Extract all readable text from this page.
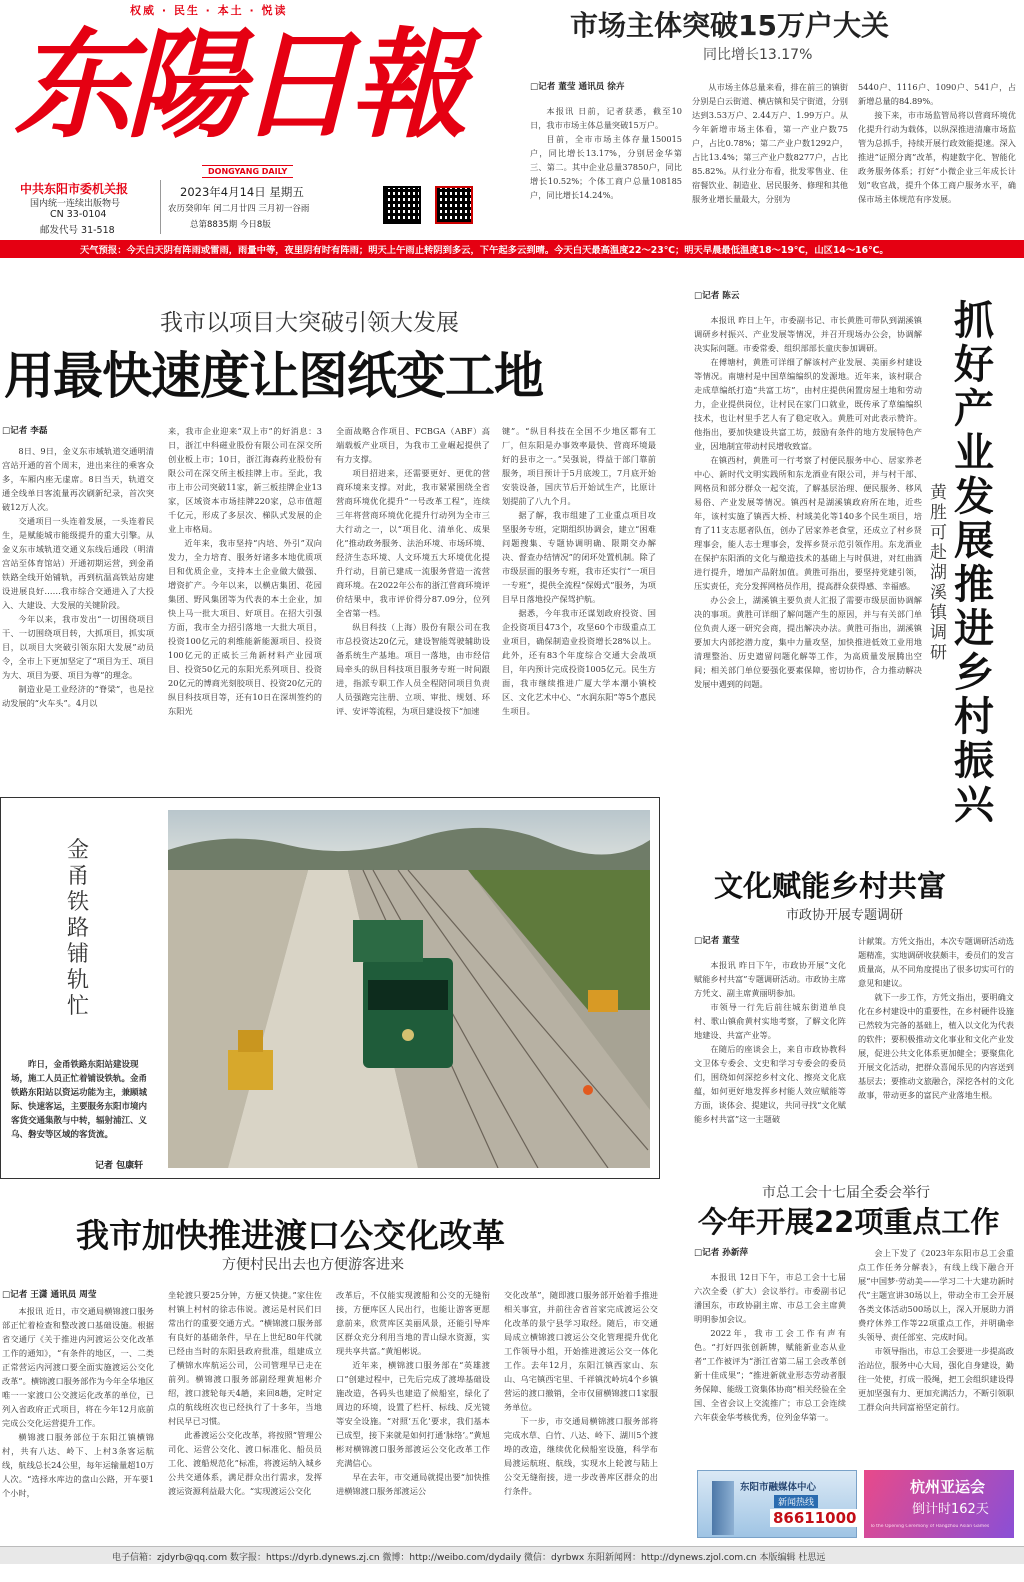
权威 · 民生 · 本土 · 悦读
东陽日報
DONGYANG DAILY
中共东阳市委机关报
国内统一连续出版物号
CN 33-0104
邮发代号 31-518
2023年4月14日 星期五
农历癸卯年 闰二月廿四 三月初一谷雨
总第8835期 今日8版
市场主体突破15万户大关
同比增长13.17%
□记者 董莹 通讯员 徐卉

本报讯 日前，记者获悉，截至10日，我市市场主体总量突破15万户。

目前，全市市场主体存量150015户，同比增长13.17%，分别居金华第三、第二。其中企业总量37850户，同比增长10.52%；个体工商户总量108185户，同比增长14.24%。

从市场主体总量来看，排在前三的镇街分别是白云街道、横店镇和吴宁街道，分别达到3.53万户、2.44万户、1.99万户。从今年新增市场主体看，第一产业户数75户，占比0.78%；第二产业户数1292户，占比13.4%；第三产业户数8277户，占比85.82%。从行业分布看，批发零售业、住宿餐饮业、制造业、居民服务、修理和其他服务业增长量最大，分别为

5440户、1116户、1090户、541户，占新增总量的84.89%。

接下来，市市场监管局将以营商环境优化提升行动为载体，以纵深推进清廉市场监管为总抓手，持续开展行政效能提速。深入推进“证照分离”改革，构建数字化、智能化政务服务体系；打好“小微企业三年成长计划”收官战，提升个体工商户服务水平，确保市场主体规范有序发展。

天气预报：今天白天阴有阵雨或雷雨，雨量中等，夜里阴有时有阵雨；明天上午雨止转阴到多云，下午起多云到晴。今天白天最高温度22～23℃；明天早晨最低温度18～19℃，山区14～16℃。
我市以项目大突破引领大发展
用最快速度让图纸变工地
□记者 李磊

8日、9日，金义东市域轨道交通明清宫站开通的首个周末，进出来往的乘客众多，车厢内座无虚席。8日当天，轨道交通全线单日客流量再次刷新纪录，首次突破12万人次。

交通项目一头连着发展，一头连着民生，是赋能城市能级提升的重大引擎。从金义东市域轨道交通义东线后通段（明清宫站至体育馆站）开通初期运营，到金甬铁路全线开始铺轨，再到杭温高铁站房建设进展良好……我市综合交通进入了大投入、大建设、大发展的关键阶段。

今年以来，我市发出“一切围绕项目干、一切围绕项目转，大抓项目，抓实项目，以项目大突破引领东阳大发展”动员令，全市上下更加坚定了“项目为王、项目为大、项目为要、项目为尊”的理念。

制造业是工业经济的“脊梁”，也是拉动发展的“火车头”。4月以

来，我市企业迎来“双上市”的好消息：3日，浙江中科磁业股份有限公司在深交所创业板上市；10日，浙江海森药业股份有限公司在深交所主板挂牌上市。至此，我市上市公司突破11家，新三板挂牌企业13家，区域资本市场挂牌220家，总市值超千亿元，形成了多层次、梯队式发展的企业上市格局。

近年来，我市坚持“内培、外引”双向发力，全力培育、服务好诸多本地优质项目和优质企业，支持本土企业做大做强、增资扩产。今年以来，以横店集团、花园集团、野风集团等为代表的本土企业，加快上马一批大项目、好项目。在招大引强方面，我市全力招引落地一大批大项目，投资100亿元的利维能新能源项目、投资100亿元的正威长三角新材料产业园项目、投资50亿元的东阳光系列项目、投资20亿元的博商光刻胶项目、投资20亿元的纵目科技项目等，还有10日在深圳签约的东阳光

全面战略合作项目、FCBGA（ABF）高端载板产业项目，为我市工业崛起提供了有力支撑。

项目招进来，还需要更好、更优的营商环境来支撑。对此，我市紧紧围绕全省营商环境优化提升“一号改革工程”，连续三年将营商环境优化提升行动列为全市三大行动之一，以“项目化、清单化、成果化”推动政务服务、法治环境、市场环境、经济生态环境、人文环境五大环境优化提升行动，目前已建成一流服务营造一流营商环境。在2022年公布的浙江营商环境评价结果中，我市评价得分87.09分，位列全省第一档。

纵目科技（上海）股份有限公司在我市总投资达20亿元，建设智能驾驶辅助设备系统生产基地。项目一落地，由市经信局牵头的纵目科技项目服务专班一时间跟进，指派专职工作人员全程陪同项目负责人员强跑完注册、立项、审批、规划、环评、安评等流程，为项目建设按下“加速

键”。“纵目科技在全国不少地区都有工厂，但东阳是办事效率最快、营商环境最好的县市之一。”吴强说，得益于部门靠前服务，项目预计于5月底竣工，7月底开始安装设备，国庆节后开始试生产，比原计划提前了八九个月。

据了解，我市组建了工业重点项目攻坚服务专班，定期组织协调会，建立“困难问题搜集、专题协调明确、限期交办解决、督查办结情况”的闭环处置机制。除了市级层面的服务专班，我市还实行“一项目一专班”，提供全流程“保姆式”服务，为项目早日落地投产保驾护航。

据悉，今年我市还谋划政府投资、国企投资项目473个，攻坚60个市级重点工业项目，确保制造业投资增长28%以上。此外，还有83个年度综合交通大会战项目，年内预计完成投资1005亿元。民生方面，我市继续推进广厦大学本潮小镇校区、文化艺术中心、“水润东阳”等5个惠民生项目。

金甬铁路铺轨忙
昨日，金甬铁路东阳站建设现场，施工人员正忙着铺设铁轨。金甬铁路东阳站以资运功能为主，兼顾城际、快速客运，主要服务东阳市境内客货交通集散与中转，辐射浦江、义乌、磐安等区域的客货流。
记者 包康轩
□记者 陈云

本报讯 昨日上午，市委副书记、市长黄胜可带队到湖溪镇调研乡村振兴、产业发展等情况，并召开现场办公会，协调解决实际问题。市委常委、组织部部长童庆参加调研。

在傅塘村，黄胜可详细了解该村产业发展、美丽乡村建设等情况。南塘村是中国草编编织的发源地。近年来，该村联合走成草编纸打造“共富工坊”，由村庄提供闲置房屋土地和劳动力，企业提供岗位，让村民在家门口就业，既传承了草编编织技术，也让村里手艺人有了稳定收入。黄胜可对此表示赞许。他指出，要加快建设共富工坊，鼓励有条件的地方发展特色产业，因地制宜带动村民增收致富。

在镇西村，黄胜可一行考察了村便民服务中心、居家养老中心、新时代文明实践所和东龙酒业有限公司，并与村干部、网格员和部分群众一起交流，了解基层治理、便民服务、移风易俗、产业发展等情况。镇西村是湖溪镇政府所在地，近些年，该村实施了镇西大桥、村域美化等140多个民生项目，培育了11支志愿者队伍，创办了居家养老食堂，还成立了村乡贤理事会，能人志士理事会，发挥乡贤示范引领作用。东龙酒业在保护东阳酒的文化与酿造技术的基础上与时俱进，对红曲酒进行提升，增加产品附加值。黄胜可指出，要坚持党建引领，压实责任，充分发挥网格员作用，提高群众获得感、幸福感。

办公会上，湖溪镇主要负责人汇报了需要市级层面协调解决的事项。黄胜可详细了解问题产生的原因，并与有关部门单位负责人逐一研究会商，提出解决办法。黄胜可指出，湖溪镇要加大内部挖潜力度，集中力量攻坚，加快推进低效工业用地清理整治、历史遗留问题化解等工作，为高质量发展腾出空间；相关部门单位要强化要素保障，密切协作，合力推动解决发展中遇到的问题。

抓好产业发展 推进乡村振兴
黄胜可赴湖溪镇调研
文化赋能乡村共富
市政协开展专题调研
□记者 董莹

本报讯 昨日下午，市政协开展“文化赋能乡村共富”专题调研活动。市政协主席方凭文、副主席黄丽明参加。

市领导一行先后前往城东街道单良村、歌山镇俞黄村实地考察，了解文化阵地建设、共富产业等。

在随后的座谈会上，来自市政协教科文卫体专委会、文史和学习专委会的委员们，围绕如何深挖乡村文化、擦亮文化底蕴，如何更好地发挥乡村能人效应赋能等方面，谈体会、提建议，共同寻找“文化赋能乡村共富”这一主题破

计献策。方凭文指出，本次专题调研活动选题精准，实地调研收获颇丰，委员们的发言质量高，从不同角度提出了很多切实可行的意见和建议。

就下一步工作，方凭文指出，要明确文化在乡村建设中的重要性，在乡村硬件设施已然较为完备的基础上，植入以文化为代表的软件；要积极推动文化事业和文化产业发展，促进公共文化体系更加健全；要聚焦化开展文化活动，把群众喜闻乐见的内容送到基层去；要推动文旅融合，深挖各村的文化故事，带动更多的富民产业落地生根。

市总工会十七届全委会举行
今年开展22项重点工作
□记者 孙新萍

本报讯 12日下午，市总工会十七届六次全委（扩大）会议举行。市委副书记潘国东，市政协副主席、市总工会主席黄明明参加会议。

2022年，我市工会工作有声有色。“打好四张创新牌，赋能新业态从业者”工作被评为“浙江省第二届工会改革创新十佳成果”；“推进新就业形态劳动者服务保障、能级工资集体协商”相关经验在全国、全省会议上交流推广；市总工会连续六年获金华考核优秀，位列金华第一。

会上下发了《2023年东阳市总工会重点工作任务分解表》，有线上线下融合开展“中国梦·劳动美——学习二十大建功新时代”主题宣讲30场以上，带动全市工会开展各类文体活动500场以上，深入开展助力消费疗休养工作等22项重点工作，并明确牵头领导、责任部室、完成时间。

市领导指出，市总工会要进一步提高政治站位，服务中心大局，强化自身建设，勤往一处使，打成一股绳，把工会组织建设得更加坚强有力、更加充满活力，不断引领职工群众向共同富裕坚定前行。

我市加快推进渡口公交化改革
方便村民出去也方便游客进来
□记者 王潇 通讯员 周莹

本报讯 近日，市交通局横锦渡口服务部正忙着检查和整改渡口基础设施。根据省交通厅《关于推进内河渡运公交化改革工作的通知》，“有条件的地区，一、二类正常营运内河渡口要全面实施渡运公交化改革”。横锦渡口服务部作为今年全华地区唯一一家渡口公交渡运化改革的单位，已列入省政府正式项目，将在今年12月底前完成公交化运营提升工作。

横锦渡口服务部位于东阳江镇横锦村，共有八达、岭下、上村3条客运航线，航线总长24公里，每年运输量超10万人次。“选择水库边的盘山公路，开车要1个小时，

坐轮渡只要25分钟，方便又快捷。”家住佐村镇上村村的徐志伟说。渡运是村民们日常出行的重要交通方式。“横锦渡口服务部有良好的基础条件，早在上世纪80年代就已经由当时的东阳县政府批准，组建成立了横锦水库航运公司，公司管理早已走在前列。横锦渡口服务部副经理黄旭彬介绍，渡口渡轮每天4趟，来回8趟，定时定点的航线班次也已经执行了十多年，当地村民早已习惯。

此番渡运公交化改革，将按照“管理公司化、运营公交化、渡口标准化、船员员工化、渡船规范化”标准，将渡运纳入城乡公共交通体系，满足群众出行需求，发挥渡运资源利益最大化。“实现渡运公交化

改革后，不仅能实现渡船和公交的无缝衔接，方便库区人民出行，也能让游客更愿意前来，欣赏库区美丽风景，还能引导库区群众充分利用当地的青山绿水资源，实现共享共富。”黄旭彬说。

近年来，横锦渡口服务部在“英雄渡口”创建过程中，已先后完成了渡埠基础设施改造，各码头也建造了候船室，绿化了周边的环境，设置了栏杆、标线、反光镜等安全设施。“对照‘五化’要求，我们基本已成型，接下来就是如何打通‘脉络’。”黄旭彬对横锦渡口服务部渡运公交化改革工作充满信心。

早在去年，市交通局就提出要“加快推进横锦渡口服务部渡运公

交化改革”，随即渡口服务部开始着手推进相关事宜，并前往舍省首家完成渡运公交化改革的景宁县学习取经。随后，市交通局成立横锦渡口渡运公交化管理提升优化工作领导小组，开始推进渡运公交一体化工作。去年12月，东阳江镇西家山、东山、乌宅镇西宅里、千祥镇沈岭坑4个乡镇营运的渡口撤销，全市仅留横锦渡口1家服务单位。

下一步，市交通局横锦渡口服务部将完成水草、白竹、八达、岭下、湖川5个渡埠的改造，继续优化候船室设施，科学布局渡运航班、航线，实现水上轮渡与陆上公交无缝衔接，进一步改善库区群众的出行条件。	东阳市融媒体中心
新闻热线
86611000
杭州亚运会
倒计时162天
To the Opening Ceremony of Hangzhou Asian Games
电子信箱：zjdyrb@qq.com 数字报：https://dyrb.dynews.zj.cn 微博：http://weibo.com/dydaily 微信：dyrbwx 东阳新闻网：http://dynews.zjol.com.cn 本版编辑 杜思远
